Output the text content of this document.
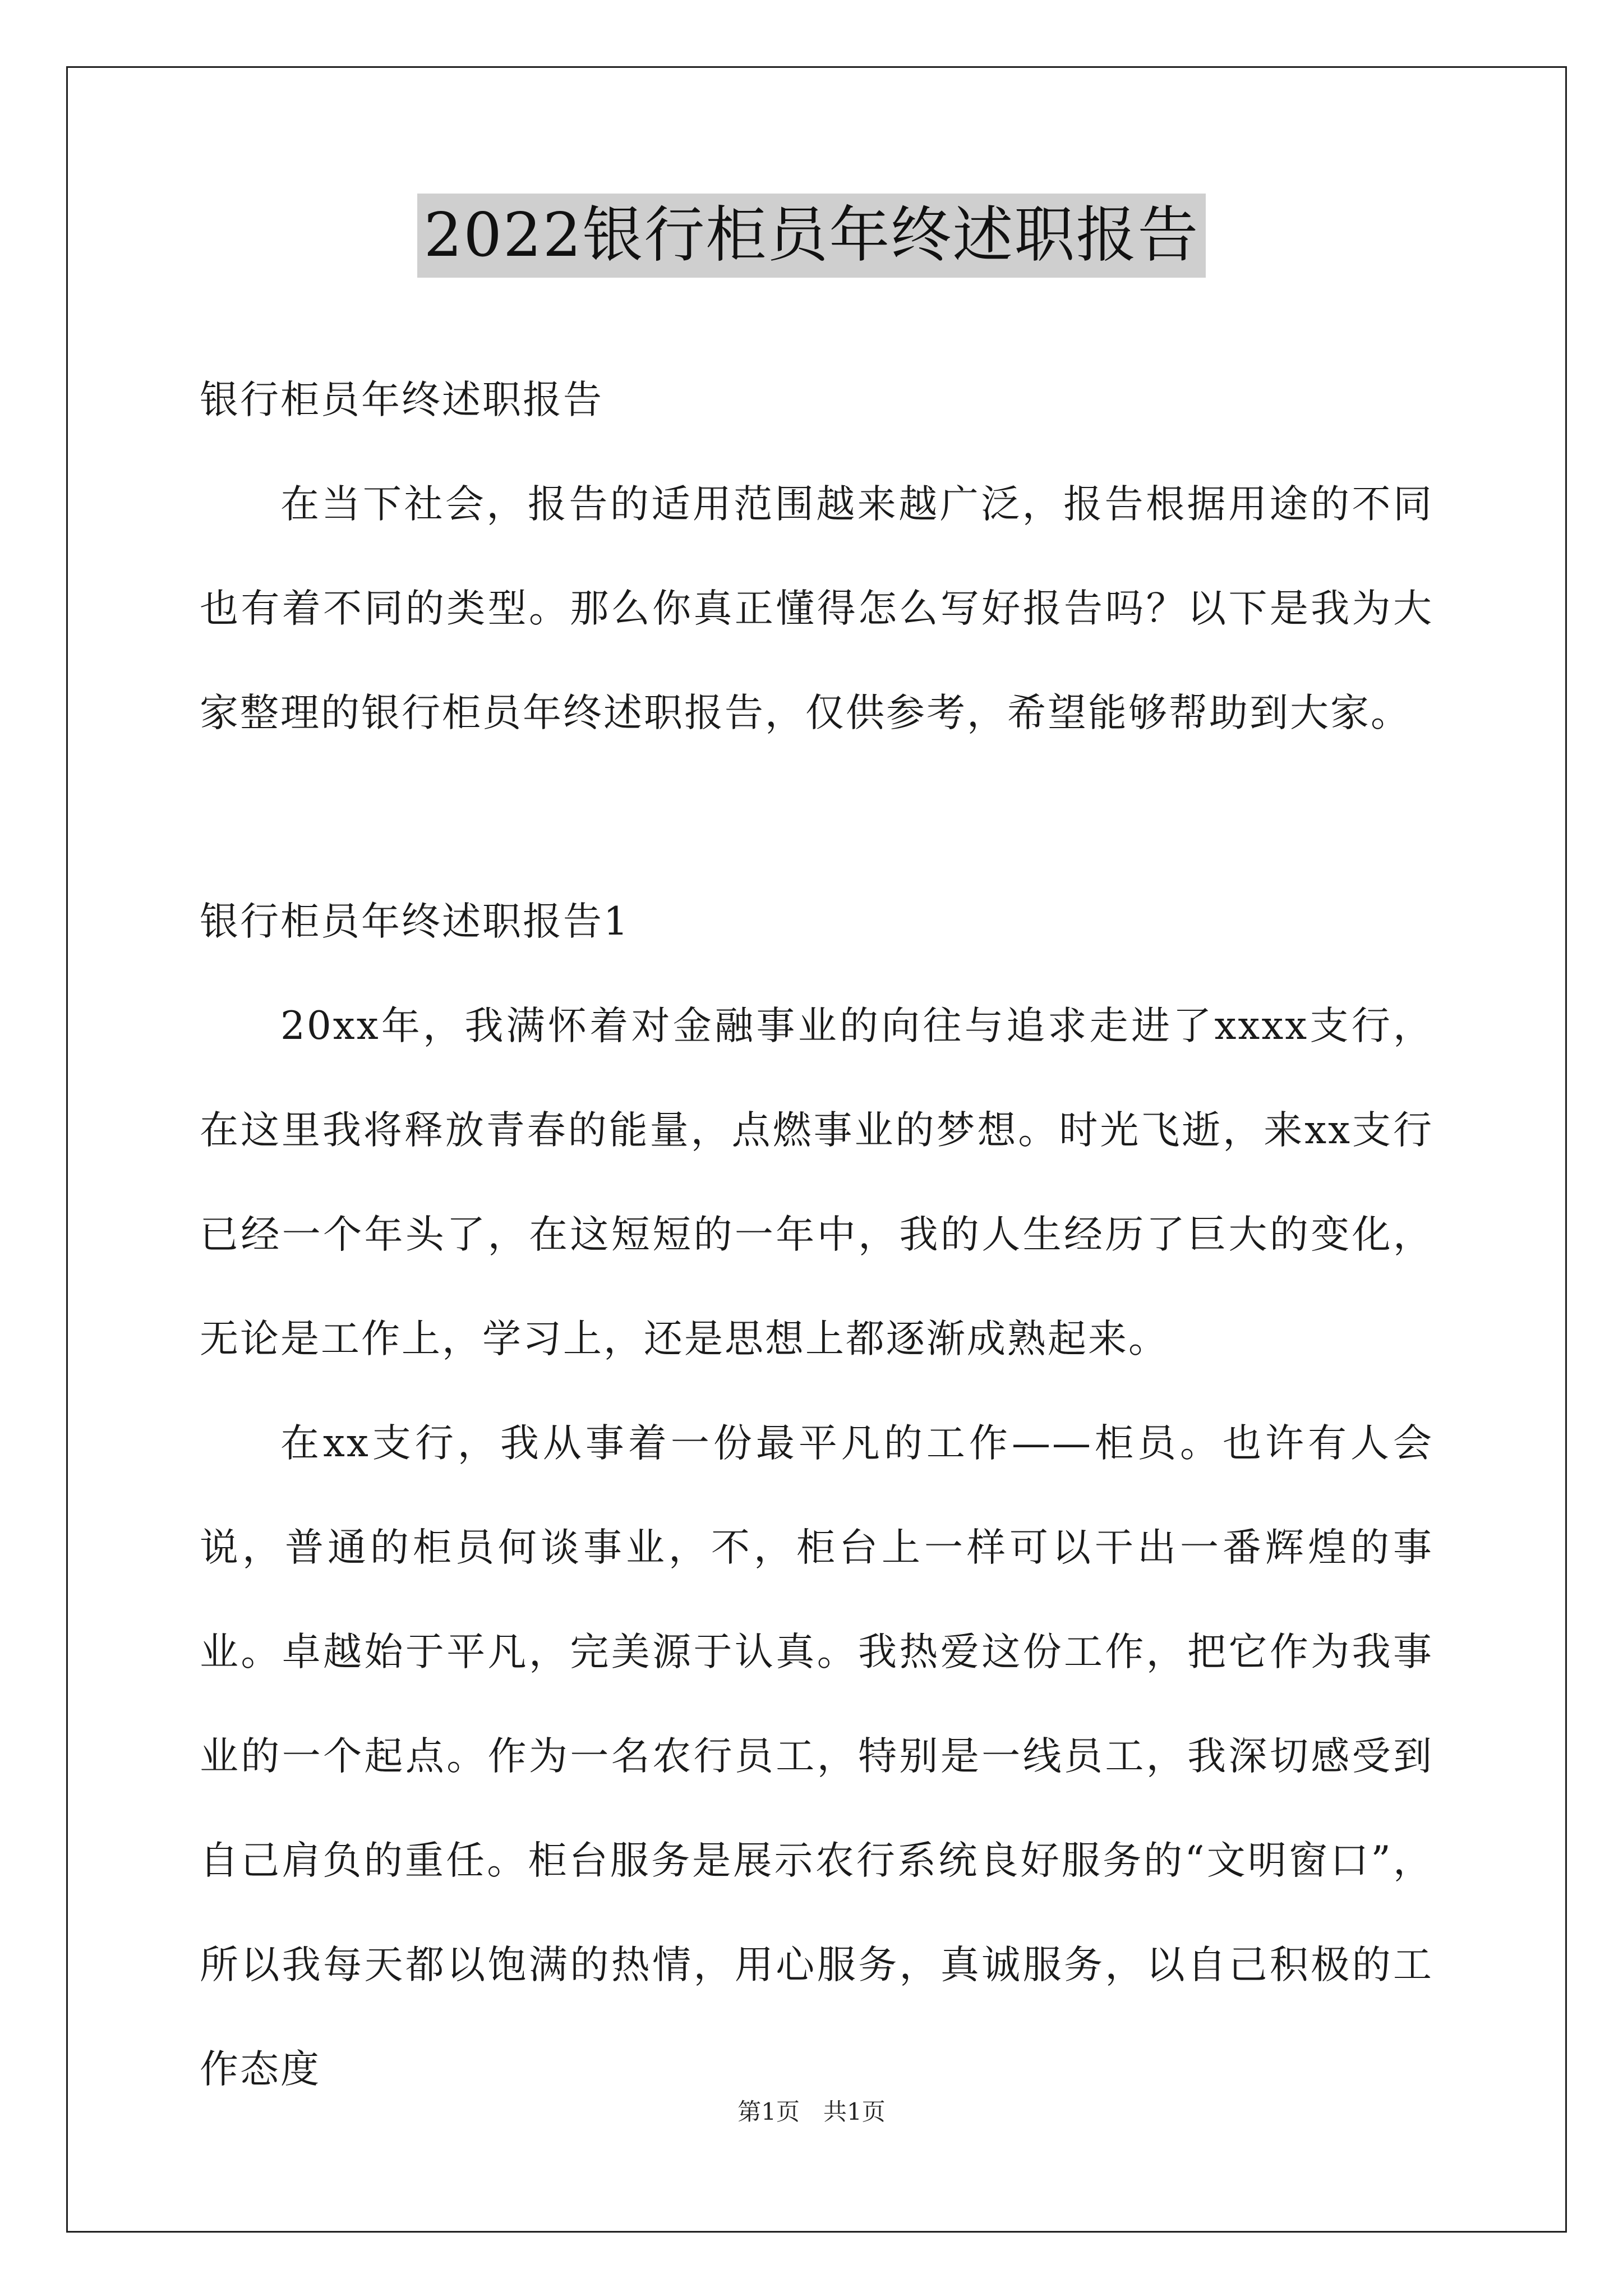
2022银行柜员年终述职报告

银行柜员年终述职报告

在当下社会，报告的适用范围越来越广泛，报告根据用途的不同也有着不同的类型。那么你真正懂得怎么写好报告吗？以下是我为大家整理的银行柜员年终述职报告，仅供参考，希望能够帮助到大家。

银行柜员年终述职报告1

20xx年，我满怀着对金融事业的向往与追求走进了xxxx支行，在这里我将释放青春的能量，点燃事业的梦想。时光飞逝，来xx支行已经一个年头了，在这短短的一年中，我的人生经历了巨大的变化，无论是工作上，学习上，还是思想上都逐渐成熟起来。

在xx支行，我从事着一份最平凡的工作——柜员。也许有人会说，普通的柜员何谈事业，不，柜台上一样可以干出一番辉煌的事业。卓越始于平凡，完美源于认真。我热爱这份工作，把它作为我事业的一个起点。作为一名农行员工，特别是一线员工，我深切感受到自己肩负的重任。柜台服务是展示农行系统良好服务的“文明窗口”，所以我每天都以饱满的热情，用心服务，真诚服务，以自己积极的工作态度

第1页　共1页
